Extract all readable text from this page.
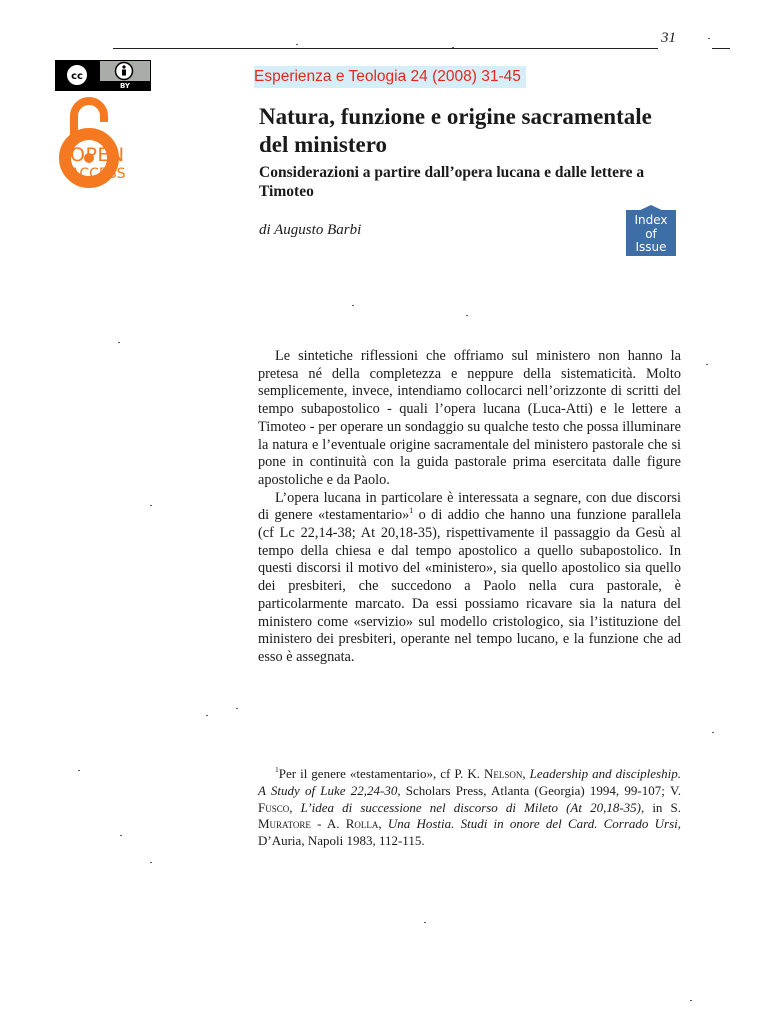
31
cc
BY
OPEN
ACCESS
Esperienza e Teologia 24 (2008) 31-45
Natura, funzione e origine sacramentale del ministero
Considerazioni a partire dall’opera lucana e dalle lettere a Timoteo
di Augusto Barbi
Index
of
Issue

Le sintetiche riflessioni che offriamo sul ministero non hanno la pretesa né della completezza e neppure della sistematicità. Molto semplicemente, invece, intendiamo collocarci nell’orizzonte di scritti del tempo subapostolico - quali l’opera lucana (Luca-Atti) e le lettere a Timoteo - per operare un sondaggio su qualche testo che possa illuminare la natura e l’eventuale origine sacramentale del ministero pastorale che si pone in continuità con la guida pastorale prima esercitata dalle figure apostoliche e da Paolo.

L’opera lucana in particolare è interessata a segnare, con due discorsi di genere «testamentario»$^1$ o di addio che hanno una funzione parallela (cf Lc 22,14-38; At 20,18-35), rispettivamente il passaggio da Gesù al tempo della chiesa e dal tempo apostolico a quello subapostolico. In questi discorsi il motivo del «ministero», sia quello apostolico sia quello dei presbiteri, che succedono a Paolo nella cura pastorale, è particolarmente marcato. Da essi possiamo ricavare sia la natura del ministero come «servizio» sul modello cristologico, sia l’istituzione del ministero dei presbiteri, operante nel tempo lucano, e la funzione che ad esso è assegnata.

$^1$Per il genere «testamentario», cf P. K. Nelson, Leadership and discipleship. A Study of Luke 22,24-30, Scholars Press, Atlanta (Georgia) 1994, 99-107; V. Fusco, L’idea di successione nel discorso di Mileto (At 20,18-35), in S. Muratore - A. Rolla, Una Hostia. Studi in onore del Card. Corrado Ursi, D’Auria, Napoli 1983, 112-115.
